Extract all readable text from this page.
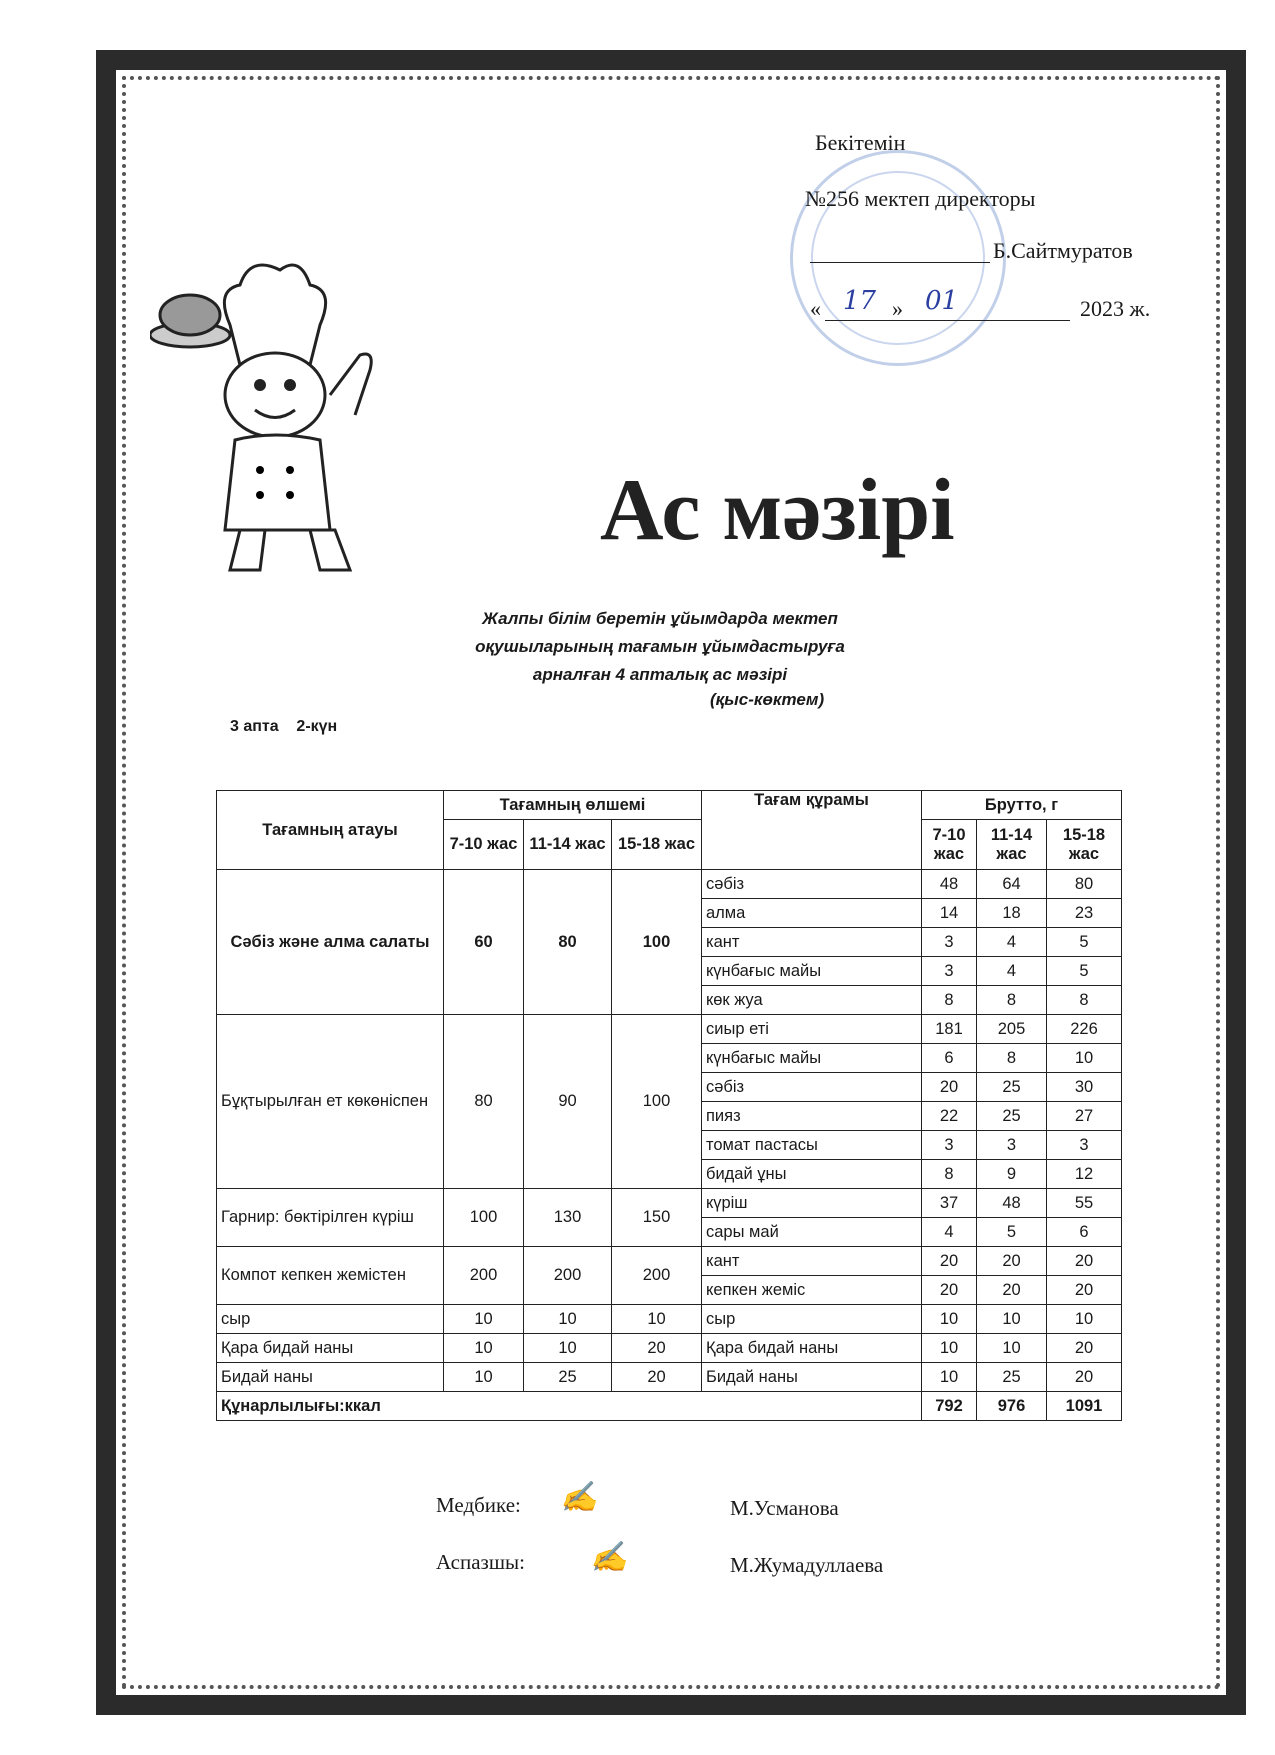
Бекітемін
№256 мектеп директоры
Б.Сайтмуратов
« 17 » 01	2023 ж.
Ас мәзірі
Жалпы білім беретін ұйымдарда мектеп
оқушыларының тағамын ұйымдастыруға
арналған 4 апталық ас мәзірі
(қыс-көктем)
3 апта    2-күн
Тағамның атауы	Тағамның өлшемі			Тағам құрамы	Брутто, г		
	7-10 жас	11-14 жас	15-18 жас		7-10 жас	11-14 жас	15-18 жас
Сәбіз және алма салаты	60	80	100	сәбіз	48	64	80
				алма	14	18	23
				кант	3	4	5
				күнбағыс майы	3	4	5
				көк жуа	8	8	8
Бұқтырылған ет көкөніспен	80	90	100	сиыр еті	181	205	226
				күнбағыс майы	6	8	10
				сәбіз	20	25	30
				пияз	22	25	27
				томат пастасы	3	3	3
				бидай ұны	8	9	12
Гарнир: бөктірілген күріш	100	130	150	күріш	37	48	55
				сары май	4	5	6
Компот кепкен жемістен	200	200	200	кант	20	20	20
				кепкен жеміс	20	20	20
сыр	10	10	10	сыр	10	10	10
Қара бидай наны	10	10	20	Қара бидай наны	10	10	20
Бидай наны	10	25	20	Бидай наны	10	25	20
Құнарлылығы:ккал					792	976	1091
Медбике: ✍	М.Усманова
Аспазшы: ✍	М.Жумадуллаева
